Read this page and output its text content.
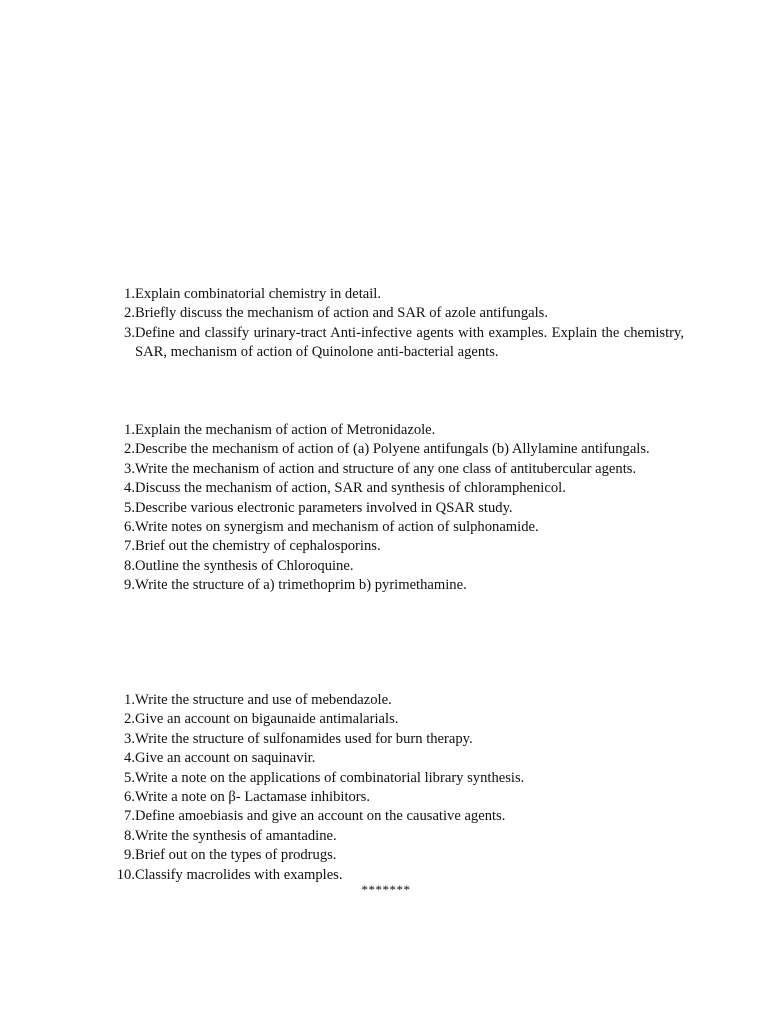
1. Explain combinatorial chemistry in detail.
2. Briefly discuss the mechanism of action and SAR of azole antifungals.
3. Define and classify urinary-tract Anti-infective agents with examples. Explain the chemistry, SAR, mechanism of action of Quinolone anti-bacterial agents.
1. Explain the mechanism of action of Metronidazole.
2. Describe the mechanism of action of (a) Polyene antifungals (b) Allylamine antifungals.
3. Write the mechanism of action and structure of any one class of antitubercular agents.
4. Discuss the mechanism of action, SAR and synthesis of chloramphenicol.
5. Describe various electronic parameters involved in QSAR study.
6. Write notes on synergism and mechanism of action of sulphonamide.
7. Brief out the chemistry of cephalosporins.
8. Outline the synthesis of Chloroquine.
9. Write the structure of a) trimethoprim b) pyrimethamine.
1. Write the structure and use of mebendazole.
2. Give an account on bigaunaide antimalarials.
3. Write the structure of sulfonamides used for burn therapy.
4. Give an account on saquinavir.
5. Write a note on the applications of combinatorial library synthesis.
6. Write a note on β- Lactamase inhibitors.
7. Define amoebiasis and give an account on the causative agents.
8. Write the synthesis of amantadine.
9. Brief out on the types of prodrugs.
10. Classify macrolides with examples.
*******
